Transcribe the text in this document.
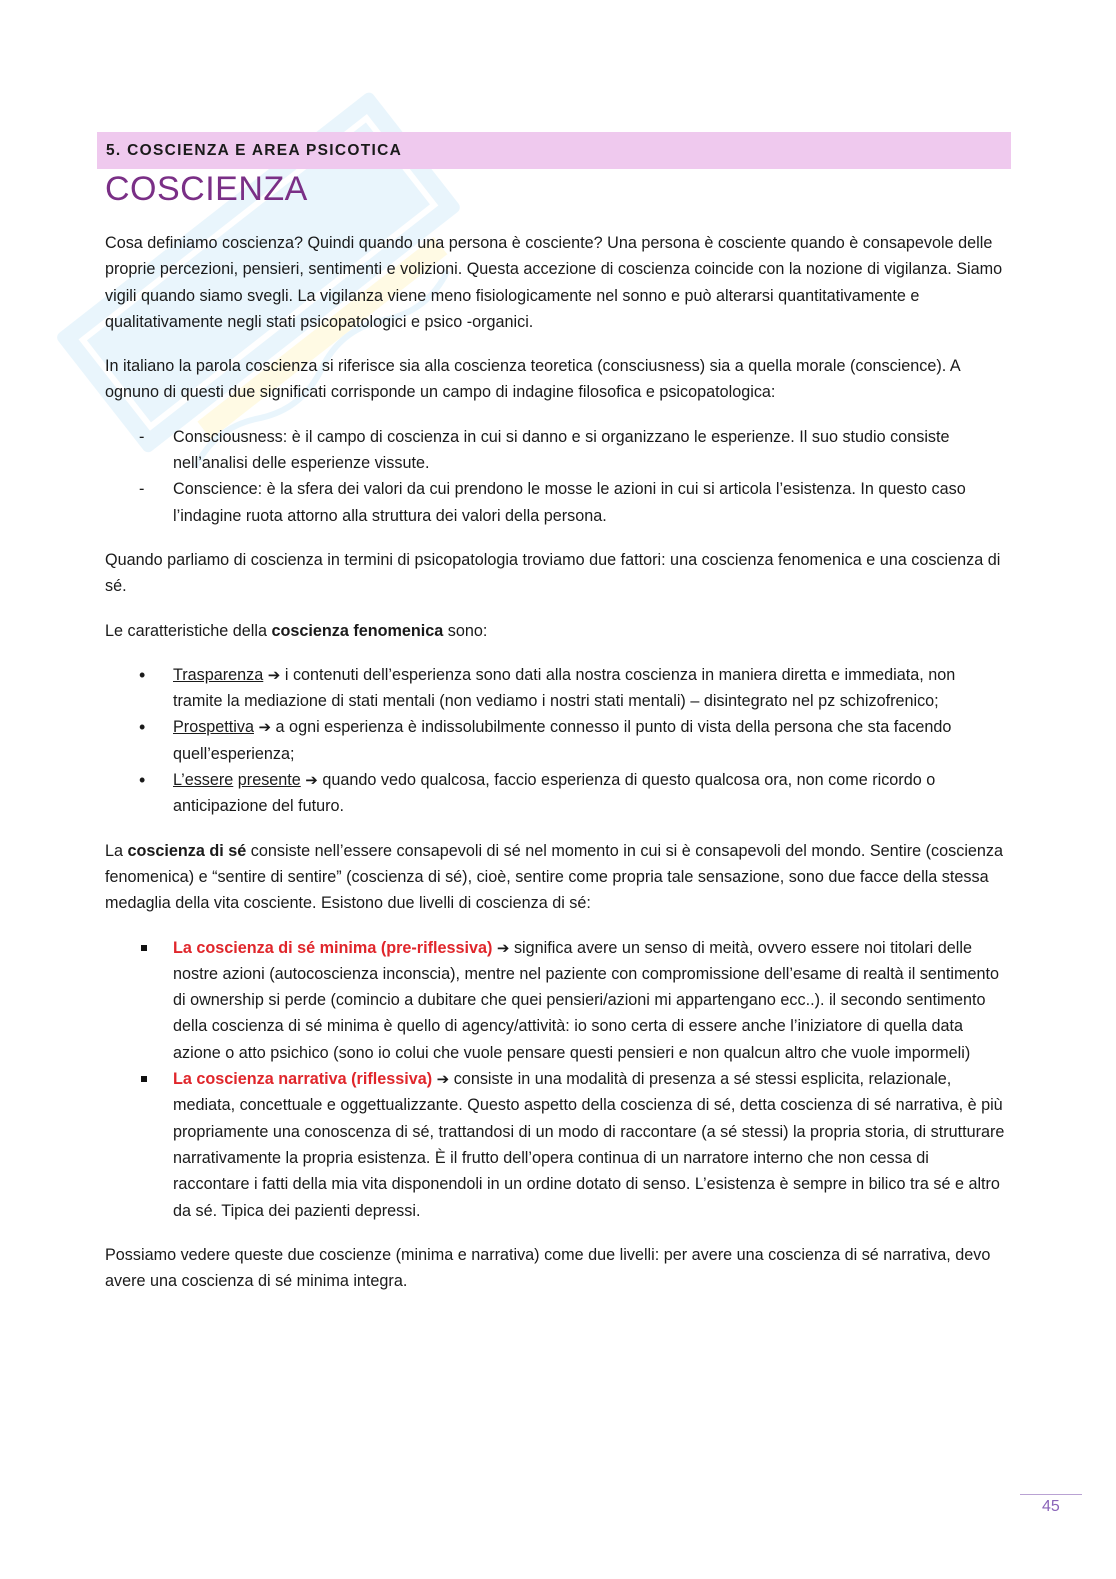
5. COSCIENZA E AREA PSICOTICA
COSCIENZA

Cosa definiamo coscienza? Quindi quando una persona è cosciente? Una persona è cosciente quando è consapevole delle proprie percezioni, pensieri, sentimenti e volizioni. Questa accezione di coscienza coincide con la nozione di vigilanza. Siamo vigili quando siamo svegli. La vigilanza viene meno fisiologicamente nel sonno e può alterarsi quantitativamente e qualitativamente negli stati psicopatologici e psico -organici.

In italiano la parola coscienza si riferisce sia alla coscienza teoretica (consciusness) sia a quella morale (conscience). A ognuno di questi due significati corrisponde un campo di indagine filosofica e psicopatologica:

- Consciousness: è il campo di coscienza in cui si danno e si organizzano le esperienze. Il suo studio consiste nell’analisi delle esperienze vissute.
- Conscience: è la sfera dei valori da cui prendono le mosse le azioni in cui si articola l’esistenza. In questo caso l’indagine ruota attorno alla struttura dei valori della persona.

Quando parliamo di coscienza in termini di psicopatologia troviamo due fattori: una coscienza fenomenica e una coscienza di sé.

Le caratteristiche della coscienza fenomenica sono:

• Trasparenza ➔ i contenuti dell’esperienza sono dati alla nostra coscienza in maniera diretta e immediata, non tramite la mediazione di stati mentali (non vediamo i nostri stati mentali) – disintegrato nel pz schizofrenico;
• Prospettiva ➔ a ogni esperienza è indissolubilmente connesso il punto di vista della persona che sta facendo quell’esperienza;
• L’essere presente ➔ quando vedo qualcosa, faccio esperienza di questo qualcosa ora, non come ricordo o anticipazione del futuro.

La coscienza di sé consiste nell’essere consapevoli di sé nel momento in cui si è consapevoli del mondo. Sentire (coscienza fenomenica) e “sentire di sentire” (coscienza di sé), cioè, sentire come propria tale sensazione, sono due facce della stessa medaglia della vita cosciente. Esistono due livelli di coscienza di sé:

La coscienza di sé minima (pre-riflessiva) ➔ significa avere un senso di meità, ovvero essere noi titolari delle nostre azioni (autocoscienza inconscia), mentre nel paziente con compromissione dell’esame di realtà il sentimento di ownership si perde (comincio a dubitare che quei pensieri/azioni mi appartengano ecc..). il secondo sentimento della coscienza di sé minima è quello di agency/attività: io sono certa di essere anche l’iniziatore di quella data azione o atto psichico (sono io colui che vuole pensare questi pensieri e non qualcun altro che vuole impormeli)
La coscienza narrativa (riflessiva) ➔ consiste in una modalità di presenza a sé stessi esplicita, relazionale, mediata, concettuale e oggettualizzante. Questo aspetto della coscienza di sé, detta coscienza di sé narrativa, è più propriamente una conoscenza di sé, trattandosi di un modo di raccontare (a sé stessi) la propria storia, di strutturare narrativamente la propria esistenza. È il frutto dell’opera continua di un narratore interno che non cessa di raccontare i fatti della mia vita disponendoli in un ordine dotato di senso. L’esistenza è sempre in bilico tra sé e altro da sé. Tipica dei pazienti depressi.

Possiamo vedere queste due coscienze (minima e narrativa) come due livelli: per avere una coscienza di sé narrativa, devo avere una coscienza di sé minima integra.

45
